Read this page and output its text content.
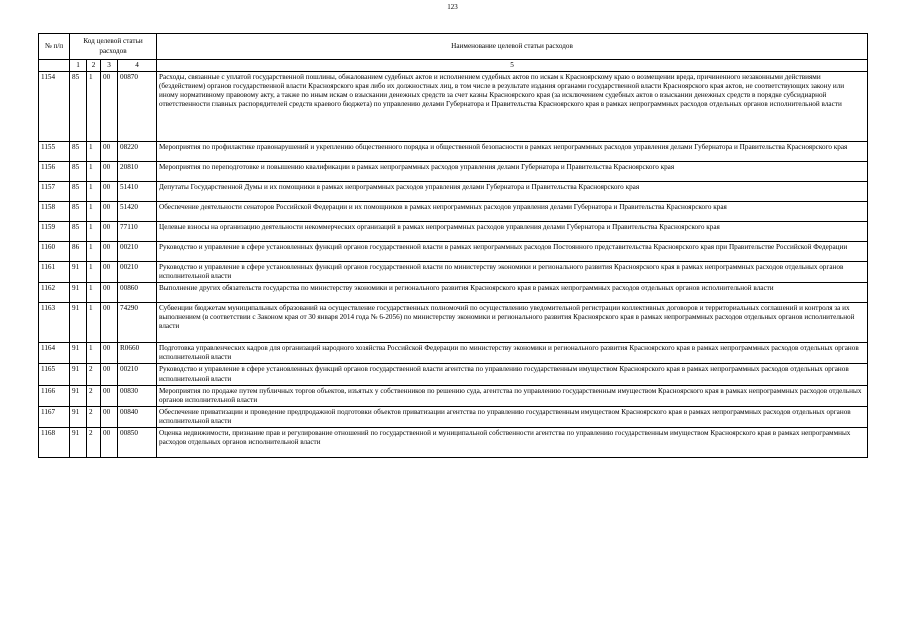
123
№ п/п	Код целевой статьи расходов				Наименование целевой статьи расходов
	1	2	3	4	5
1154	85	1	00	00870	Расходы, связанные с уплатой государственной пошлины, обжалованием судебных актов и исполнением судебных актов по искам к Красноярскому краю о возмещении вреда, причиненного незаконными действиями (бездействием) органов государственной власти Красноярского края либо их должностных лиц, в том числе в результате издания органами государственной власти Красноярского края актов, не соответствующих закону или иному нормативному правовому акту, а также по иным искам о взыскании денежных средств за счет казны Красноярского края (за исключением судебных актов о взыскании денежных средств в порядке субсидиарной ответственности главных распорядителей средств краевого бюджета) по управлению делами Губернатора и Правительства Красноярского края в рамках непрограммных расходов отдельных органов исполнительной власти
1155	85	1	00	08220	Мероприятия по профилактике правонарушений и укреплению общественного порядка и общественной безопасности в рамках непрограммных расходов управления делами Губернатора и Правительства Красноярского края
1156	85	1	00	20810	Мероприятия по переподготовке и повышению квалификации в рамках непрограммных расходов управления делами Губернатора и Правительства Красноярского края
1157	85	1	00	51410	Депутаты Государственной Думы и их помощники в рамках непрограммных расходов управления делами Губернатора и Правительства Красноярского края
1158	85	1	00	51420	Обеспечение деятельности сенаторов Российской Федерации и их помощников в рамках непрограммных расходов управления делами Губернатора и Правительства Красноярского края
1159	85	1	00	77110	Целевые взносы на организацию деятельности некоммерческих организаций в рамках непрограммных расходов управления делами Губернатора и Правительства Красноярского края
1160	86	1	00	00210	Руководство и управление в сфере установленных функций органов государственной власти в рамках непрограммных расходов Постоянного представительства Красноярского края при Правительстве Российской Федерации
1161	91	1	00	00210	Руководство и управление в сфере установленных функций органов государственной власти по министерству экономики и регионального развития Красноярского края в рамках непрограммных расходов отдельных органов исполнительной власти
1162	91	1	00	00860	Выполнение других обязательств государства по министерству экономики и регионального развития Красноярского края в рамках непрограммных расходов отдельных органов исполнительной власти
1163	91	1	00	74290	Субвенции бюджетам муниципальных образований на осуществление государственных полномочий по осуществлению уведомительной регистрации коллективных договоров и территориальных соглашений и контроля за их выполнением (в соответствии с Законом края от 30 января 2014 года № 6-2056) по министерству экономики и регионального развития Красноярского края в рамках непрограммных расходов отдельных органов исполнительной власти
1164	91	1	00	R0660	Подготовка управленческих кадров для организаций народного хозяйства Российской Федерации по министерству экономики и регионального развития Красноярского края в рамках непрограммных расходов отдельных органов исполнительной власти
1165	91	2	00	00210	Руководство и управление в сфере установленных функций органов государственной власти агентства по управлению государственным имуществом Красноярского края в рамках непрограммных расходов отдельных органов исполнительной власти
1166	91	2	00	00830	Мероприятия по продаже путем публичных торгов объектов, изъятых у собственников по решению суда, агентства по управлению государственным имуществом Красноярского края в рамках непрограммных расходов отдельных органов исполнительной власти
1167	91	2	00	00840	Обеспечение приватизации и проведение предпродажной подготовки объектов приватизации агентства по управлению государственным имуществом Красноярского края в рамках непрограммных расходов отдельных органов исполнительной власти
1168	91	2	00	00850	Оценка недвижимости, признание прав и регулирование отношений по государственной и муниципальной собственности агентства по управлению государственным имуществом Красноярского края в рамках непрограммных расходов отдельных органов исполнительной власти
